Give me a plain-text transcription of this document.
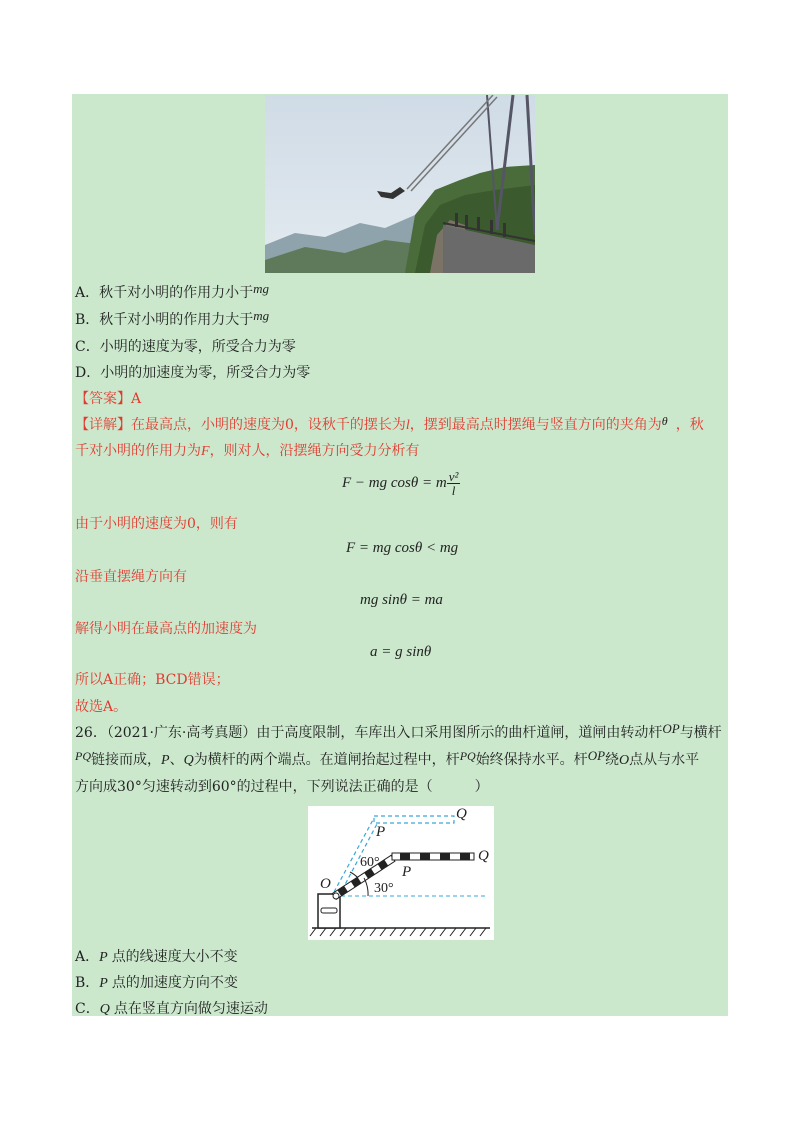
A．秋千对小明的作用力小于mg
B．秋千对小明的作用力大于mg
C．小明的速度为零，所受合力为零
D．小明的加速度为零，所受合力为零
【答案】A
【详解】在最高点，小明的速度为0，设秋千的摆长为l，摆到最高点时摆绳与竖直方向的夹角为θ ，秋
千对小明的作用力为F，则对人，沿摆绳方向受力分析有
F − mg cosθ = m $\frac{\text{v²}}{l}$
由于小明的速度为0，则有
F = mg cosθ < mg
沿垂直摆绳方向有
mg sinθ = ma
解得小明在最高点的加速度为
a = g sinθ
所以A正确；BCD错误；
故选A。
26．（2021·广东·高考真题）由于高度限制，车库出入口采用图所示的曲杆道闸，道闸由转动杆OP与横杆
PQ链接而成，P、Q为横杆的两个端点。在道闸抬起过程中，杆PQ始终保持水平。杆OP绕O点从与水平
方向成30°匀速转动到60°的过程中，下列说法正确的是（　　　）
Q
P
Q
P
O
60°
30°
A．P 点的线速度大小不变
B．P 点的加速度方向不变
C．Q 点在竖直方向做匀速运动
